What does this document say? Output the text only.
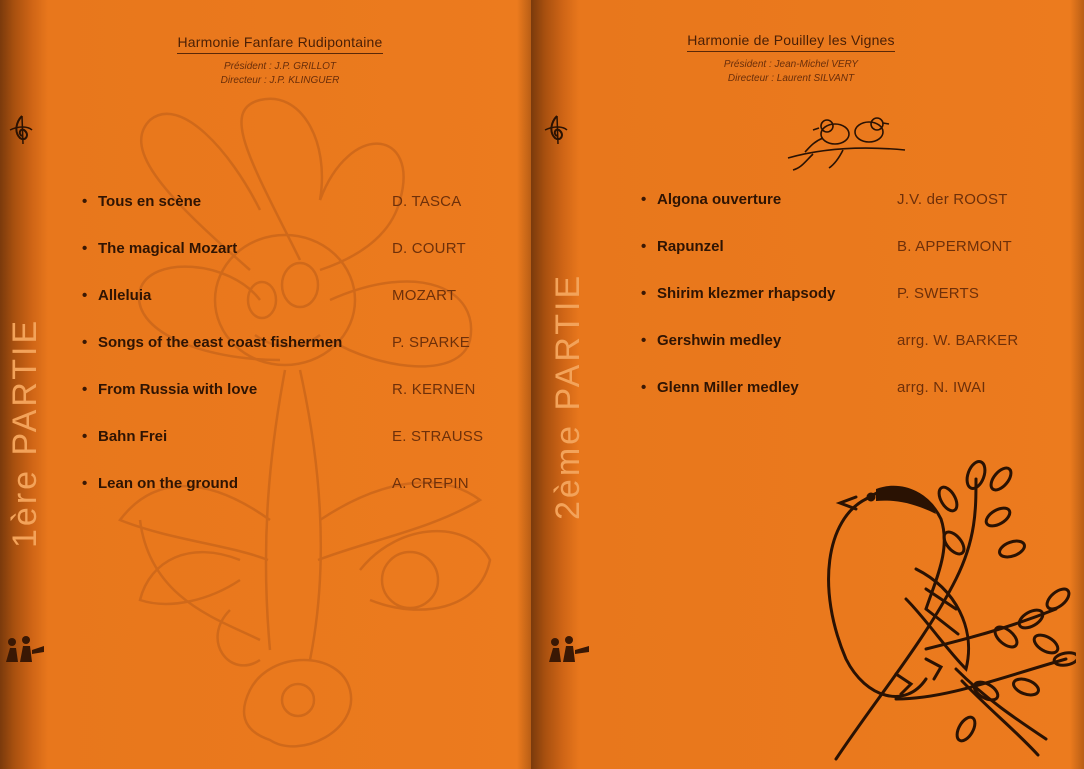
Harmonie Fanfare Rudipontaine
Président : J.P. GRILLOT
Directeur : J.P. KLINGUER
1ère PARTIE
• Tous en scène	D. TASCA
• The magical Mozart	D. COURT
• Alleluia	MOZART
• Songs of the east coast fishermen	P. SPARKE
• From Russia with love	R. KERNEN
• Bahn Frei	E. STRAUSS
• Lean on the ground	A. CREPIN
Harmonie de Pouilley les Vignes
Président : Jean-Michel VERY
Directeur : Laurent SILVANT
2ème PARTIE
• Algona ouverture	J.V. der ROOST
• Rapunzel	B. APPERMONT
• Shirim klezmer rhapsody	P. SWERTS
• Gershwin medley	arrg. W. BARKER
• Glenn Miller medley	arrg. N. IWAI
